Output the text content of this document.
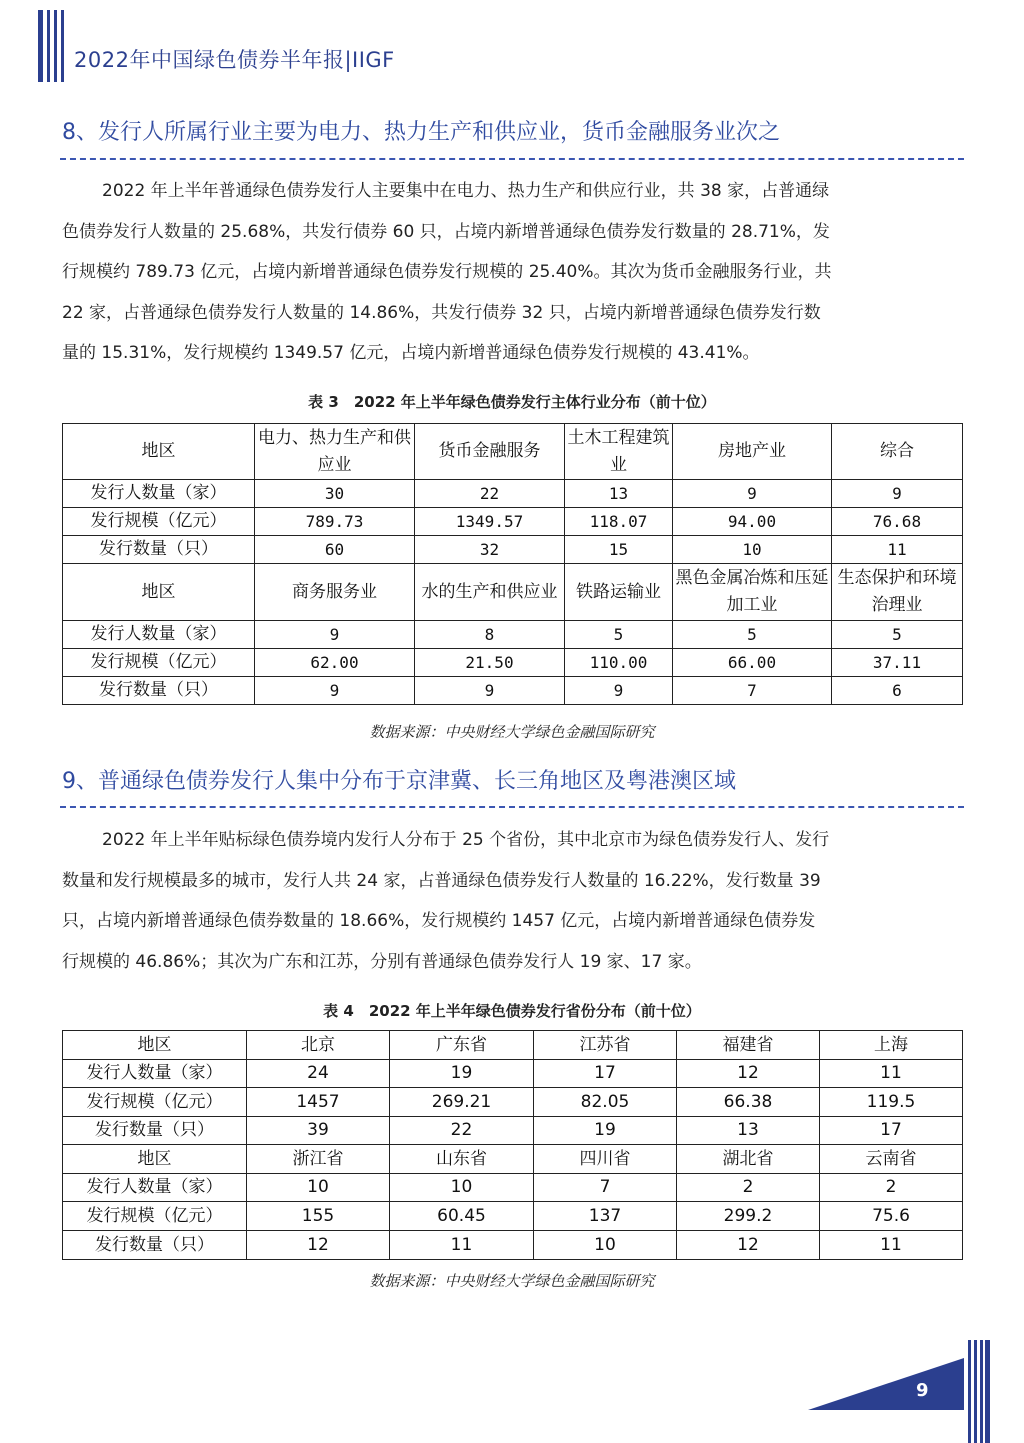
2022年中国绿色债券半年报|IIGF
8、发行人所属行业主要为电力、热力生产和供应业，货币金融服务业次之
2022 年上半年普通绿色债券发行人主要集中在电力、热力生产和供应行业，共 38 家，占普通绿
色债券发行人数量的 25.68%，共发行债券 60 只，占境内新增普通绿色债券发行数量的 28.71%，发
行规模约 789.73 亿元，占境内新增普通绿色债券发行规模的 25.40%。其次为货币金融服务行业，共
22 家，占普通绿色债券发行人数量的 14.86%，共发行债券 32 只，占境内新增普通绿色债券发行数
量的 15.31%，发行规模约 1349.57 亿元，占境内新增普通绿色债券发行规模的 43.41%。
表 3　2022 年上半年绿色债券发行主体行业分布（前十位）
地区	电力、热力生产和供应业	货币金融服务	土木工程建筑业	房地产业	综合
发行人数量（家）	30	22	13	9	9
发行规模（亿元）	789.73	1349.57	118.07	94.00	76.68
发行数量（只）	60	32	15	10	11
地区	商务服务业	水的生产和供应业	铁路运输业	黑色金属冶炼和压延加工业	生态保护和环境治理业
发行人数量（家）	9	8	5	5	5
发行规模（亿元）	62.00	21.50	110.00	66.00	37.11
发行数量（只）	9	9	9	7	6
数据来源：中央财经大学绿色金融国际研究
9、普通绿色债券发行人集中分布于京津冀、长三角地区及粤港澳区域
2022 年上半年贴标绿色债券境内发行人分布于 25 个省份，其中北京市为绿色债券发行人、发行
数量和发行规模最多的城市，发行人共 24 家，占普通绿色债券发行人数量的 16.22%，发行数量 39
只，占境内新增普通绿色债券数量的 18.66%，发行规模约 1457 亿元，占境内新增普通绿色债券发
行规模的 46.86%；其次为广东和江苏，分别有普通绿色债券发行人 19 家、17 家。
表 4　2022 年上半年绿色债券发行省份分布（前十位）
地区	北京	广东省	江苏省	福建省	上海
发行人数量（家）	24	19	17	12	11
发行规模（亿元）	1457	269.21	82.05	66.38	119.5
发行数量（只）	39	22	19	13	17
地区	浙江省	山东省	四川省	湖北省	云南省
发行人数量（家）	10	10	7	2	2
发行规模（亿元）	155	60.45	137	299.2	75.6
发行数量（只）	12	11	10	12	11
数据来源：中央财经大学绿色金融国际研究
9
